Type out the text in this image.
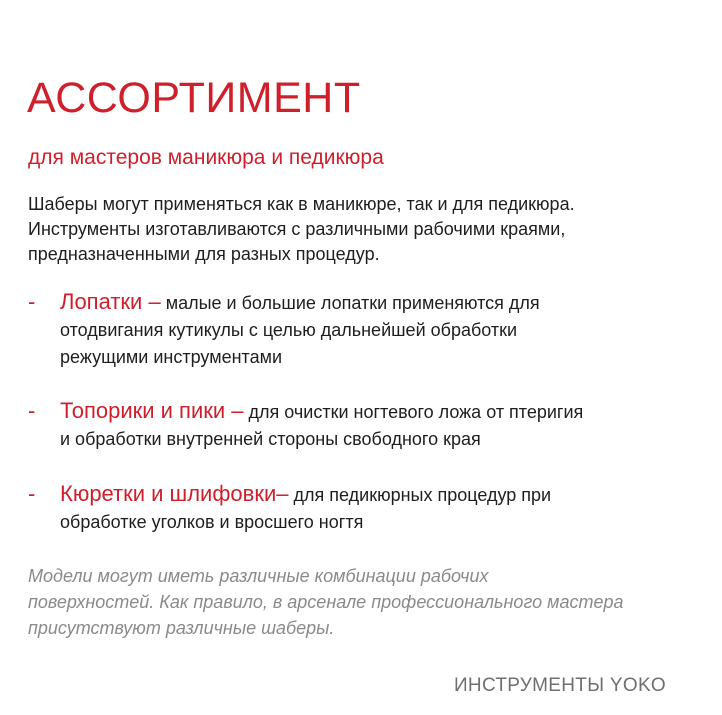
АССОРТИМЕНТ
для мастеров маникюра и педикюра
Шаберы могут применяться как в маникюре, так и для педикюра.
Инструменты изготавливаются с различными рабочими краями,
предназначенными для разных процедур.
- Лопатки – малые и большие лопатки применяются для
отодвигания кутикулы с целью дальнейшей обработки
режущими инструментами
- Топорики и пики – для очистки ногтевого ложа от птеригия
и обработки внутренней стороны свободного края
- Кюретки и шлифовки– для педикюрных процедур при
обработке уголков и вросшего ногтя
Модели могут иметь различные комбинации рабочих
поверхностей. Как правило, в арсенале профессионального мастера
присутствуют различные шаберы.
ИНСТРУМЕНТЫ YOKO
